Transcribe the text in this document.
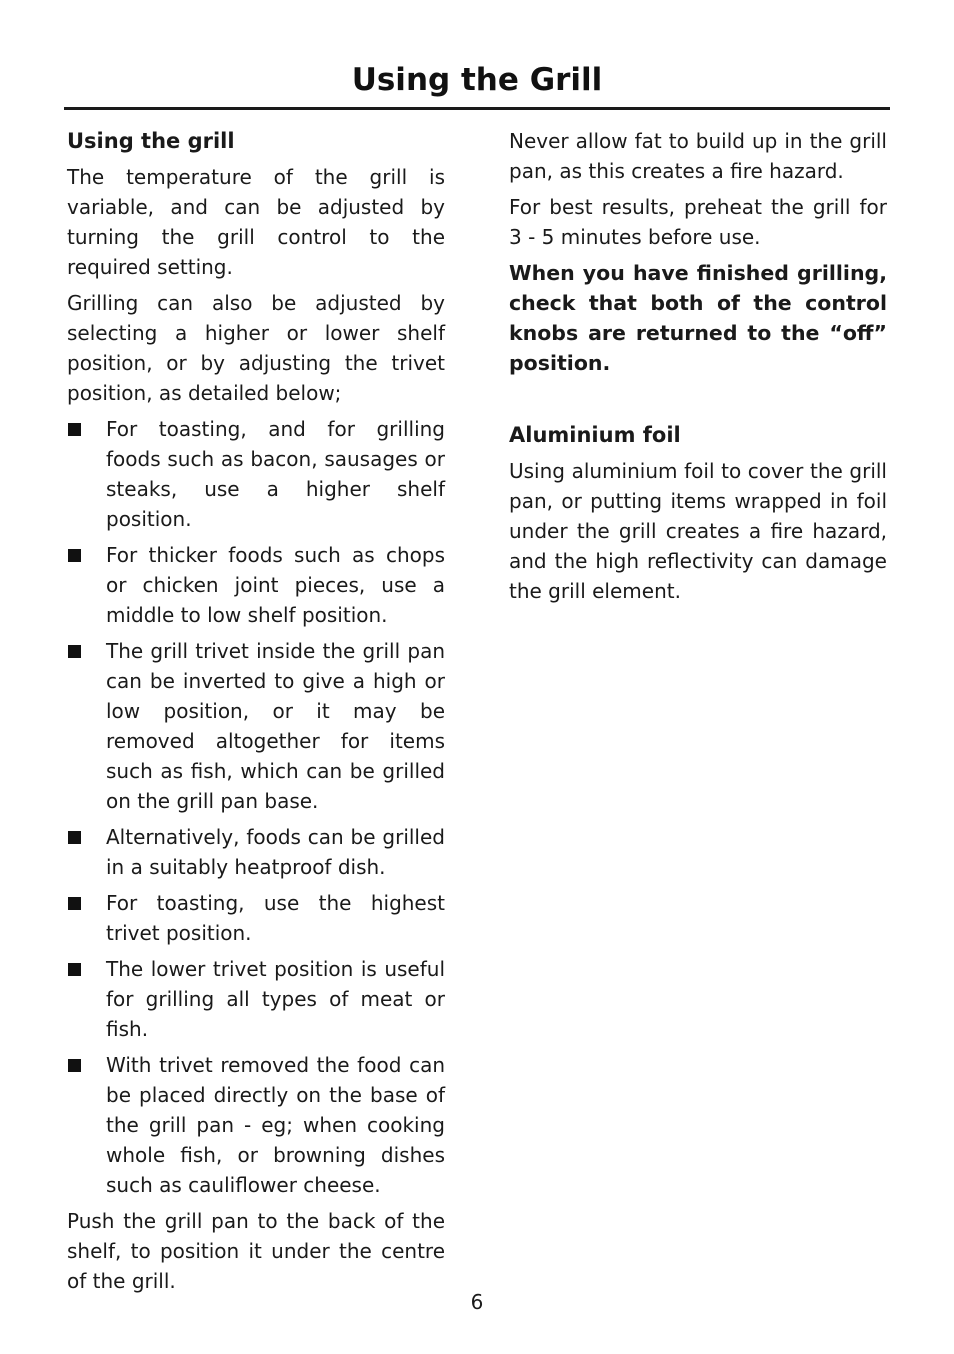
Using the Grill
Using the grill

The temperature of the grill is variable, and can be adjusted by turning the grill control to the required setting.

Grilling can also be adjusted by selecting a higher or lower shelf position, or by adjusting the trivet position, as detailed below;

For toasting, and for grilling foods such as bacon, sausages or steaks, use a higher shelf position.

For thicker foods such as chops or chicken joint pieces, use a middle to low shelf position.

The grill trivet inside the grill pan can be inverted to give a high or low position, or it may be removed altogether for items such as fish, which can be grilled on the grill pan base.

Alternatively, foods can be grilled in a suitably heatproof dish.

For toasting, use the highest trivet position.

The lower trivet position is useful for grilling all types of meat or fish.

With trivet removed the food can be placed directly on the base of the grill pan - eg; when cooking whole fish, or browning dishes such as cauliflower cheese.

Push the grill pan to the back of the shelf, to position it under the centre of the grill.

Never allow fat to build up in the grill pan, as this creates a fire hazard.

For best results, preheat the grill for 3 - 5 minutes before use.

When you have finished grilling, check that both of the control knobs are returned to the “off” position.

Aluminium foil

Using aluminium foil to cover the grill pan, or putting items wrapped in foil under the grill creates a fire hazard, and the high reflectivity can damage the grill element.

6
